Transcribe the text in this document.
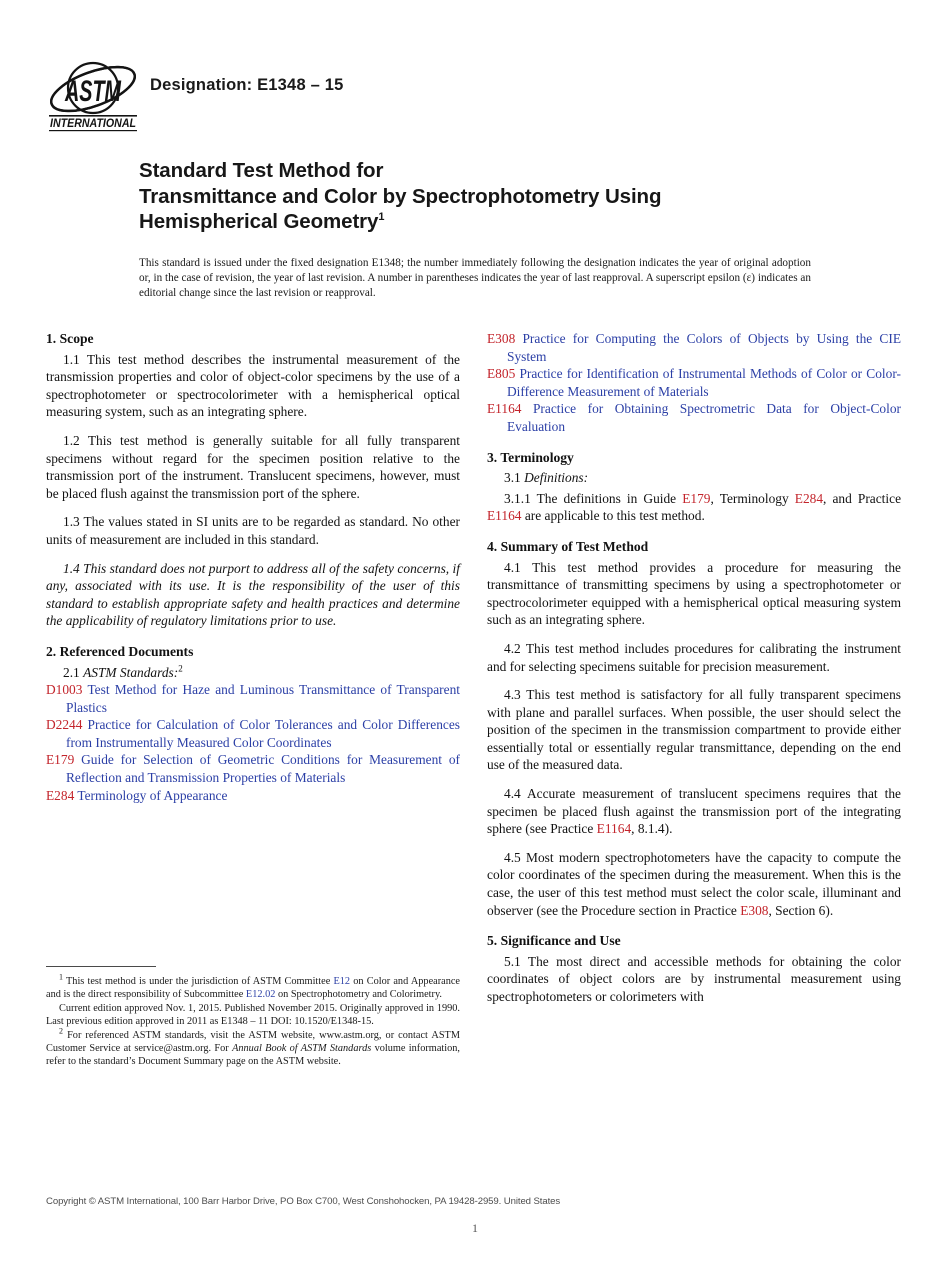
ASTM
INTERNATIONAL
Designation: E1348 – 15
Standard Test Method for
Transmittance and Color by Spectrophotometry Using
Hemispherical Geometry$^1$
This standard is issued under the fixed designation E1348; the number immediately following the designation indicates the year of original adoption or, in the case of revision, the year of last revision. A number in parentheses indicates the year of last reapproval. A superscript epsilon (ε) indicates an editorial change since the last revision or reapproval.
1. Scope

1.1 This test method describes the instrumental measurement of the transmission properties and color of object-color specimens by the use of a spectrophotometer or spectrocolorimeter with a hemispherical optical measuring system, such as an integrating sphere.

1.2 This test method is generally suitable for all fully transparent specimens without regard for the specimen position relative to the transmission port of the instrument. Translucent specimens, however, must be placed flush against the transmission port of the sphere.

1.3 The values stated in SI units are to be regarded as standard. No other units of measurement are included in this standard.

1.4 This standard does not purport to address all of the safety concerns, if any, associated with its use. It is the responsibility of the user of this standard to establish appropriate safety and health practices and determine the applicability of regulatory limitations prior to use.

2. Referenced Documents

2.1 ASTM Standards:$^2$

D1003 Test Method for Haze and Luminous Transmittance of Transparent Plastics
D2244 Practice for Calculation of Color Tolerances and Color Differences from Instrumentally Measured Color Coordinates
E179 Guide for Selection of Geometric Conditions for Measurement of Reflection and Transmission Properties of Materials
E284 Terminology of Appearance
E308 Practice for Computing the Colors of Objects by Using the CIE System
E805 Practice for Identification of Instrumental Methods of Color or Color-Difference Measurement of Materials
E1164 Practice for Obtaining Spectrometric Data for Object-Color Evaluation
3. Terminology

3.1 Definitions:

3.1.1 The definitions in Guide E179, Terminology E284, and Practice E1164 are applicable to this test method.

4. Summary of Test Method

4.1 This test method provides a procedure for measuring the transmittance of transmitting specimens by using a spectrophotometer or spectrocolorimeter equipped with a hemispherical optical measuring system such as an integrating sphere.

4.2 This test method includes procedures for calibrating the instrument and for selecting specimens suitable for precision measurement.

4.3 This test method is satisfactory for all fully transparent specimens with plane and parallel surfaces. When possible, the user should select the position of the specimen in the transmission compartment to provide either essentially total or essentially regular transmittance, depending on the end use of the measured data.

4.4 Accurate measurement of translucent specimens requires that the specimen be placed flush against the transmission port of the integrating sphere (see Practice E1164, 8.1.4).

4.5 Most modern spectrophotometers have the capacity to compute the color coordinates of the specimen during the measurement. When this is the case, the user of this test method must select the color scale, illuminant and observer (see the Procedure section in Practice E308, Section 6).

5. Significance and Use

5.1 The most direct and accessible methods for obtaining the color coordinates of object colors are by instrumental measurement using spectrophotometers or colorimeters with

$^1$ This test method is under the jurisdiction of ASTM Committee E12 on Color and Appearance and is the direct responsibility of Subcommittee E12.02 on Spectrophotometry and Colorimetry.

Current edition approved Nov. 1, 2015. Published November 2015. Originally approved in 1990. Last previous edition approved in 2011 as E1348 – 11 DOI: 10.1520/E1348-15.

$^2$ For referenced ASTM standards, visit the ASTM website, www.astm.org, or contact ASTM Customer Service at service@astm.org. For Annual Book of ASTM Standards volume information, refer to the standard’s Document Summary page on the ASTM website.

Copyright © ASTM International, 100 Barr Harbor Drive, PO Box C700, West Conshohocken, PA 19428-2959. United States
1
